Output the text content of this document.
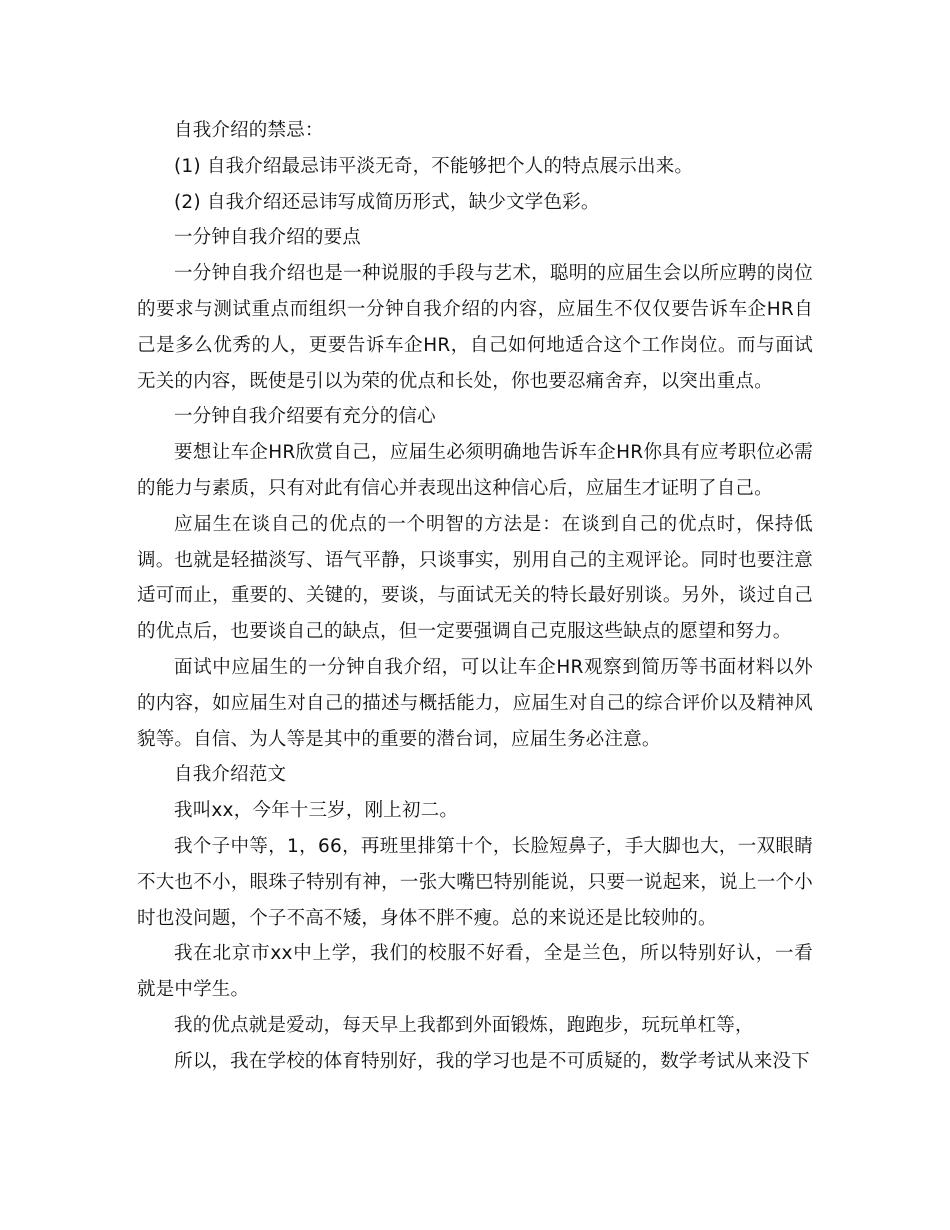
自我介绍的禁忌：

(1) 自我介绍最忌讳平淡无奇，不能够把个人的特点展示出来。

(2) 自我介绍还忌讳写成简历形式，缺少文学色彩。

一分钟自我介绍的要点

一分钟自我介绍也是一种说服的手段与艺术，聪明的应届生会以所应聘的岗位的要求与测试重点而组织一分钟自我介绍的内容，应届生不仅仅要告诉车企HR自己是多么优秀的人，更要告诉车企HR，自己如何地适合这个工作岗位。而与面试无关的内容，既使是引以为荣的优点和长处，你也要忍痛舍弃，以突出重点。

一分钟自我介绍要有充分的信心

要想让车企HR欣赏自己，应届生必须明确地告诉车企HR你具有应考职位必需的能力与素质，只有对此有信心并表现出这种信心后，应届生才证明了自己。

应届生在谈自己的优点的一个明智的方法是：在谈到自己的优点时，保持低调。也就是轻描淡写、语气平静，只谈事实，别用自己的主观评论。同时也要注意适可而止，重要的、关键的，要谈，与面试无关的特长最好别谈。另外，谈过自己的优点后，也要谈自己的缺点，但一定要强调自己克服这些缺点的愿望和努力。

面试中应届生的一分钟自我介绍，可以让车企HR观察到简历等书面材料以外的内容，如应届生对自己的描述与概括能力，应届生对自己的综合评价以及精神风貌等。自信、为人等是其中的重要的潜台词，应届生务必注意。

自我介绍范文

我叫xx，今年十三岁，刚上初二。

我个子中等，1，66，再班里排第十个，长脸短鼻子，手大脚也大，一双眼睛不大也不小，眼珠子特别有神，一张大嘴巴特别能说，只要一说起来，说上一个小时也没问题，个子不高不矮，身体不胖不瘦。总的来说还是比较帅的。

我在北京市xx中上学，我们的校服不好看，全是兰色，所以特别好认，一看就是中学生。

我的优点就是爱动，每天早上我都到外面锻炼，跑跑步，玩玩单杠等，

所以，我在学校的体育特别好，我的学习也是不可质疑的，数学考试从来没下
